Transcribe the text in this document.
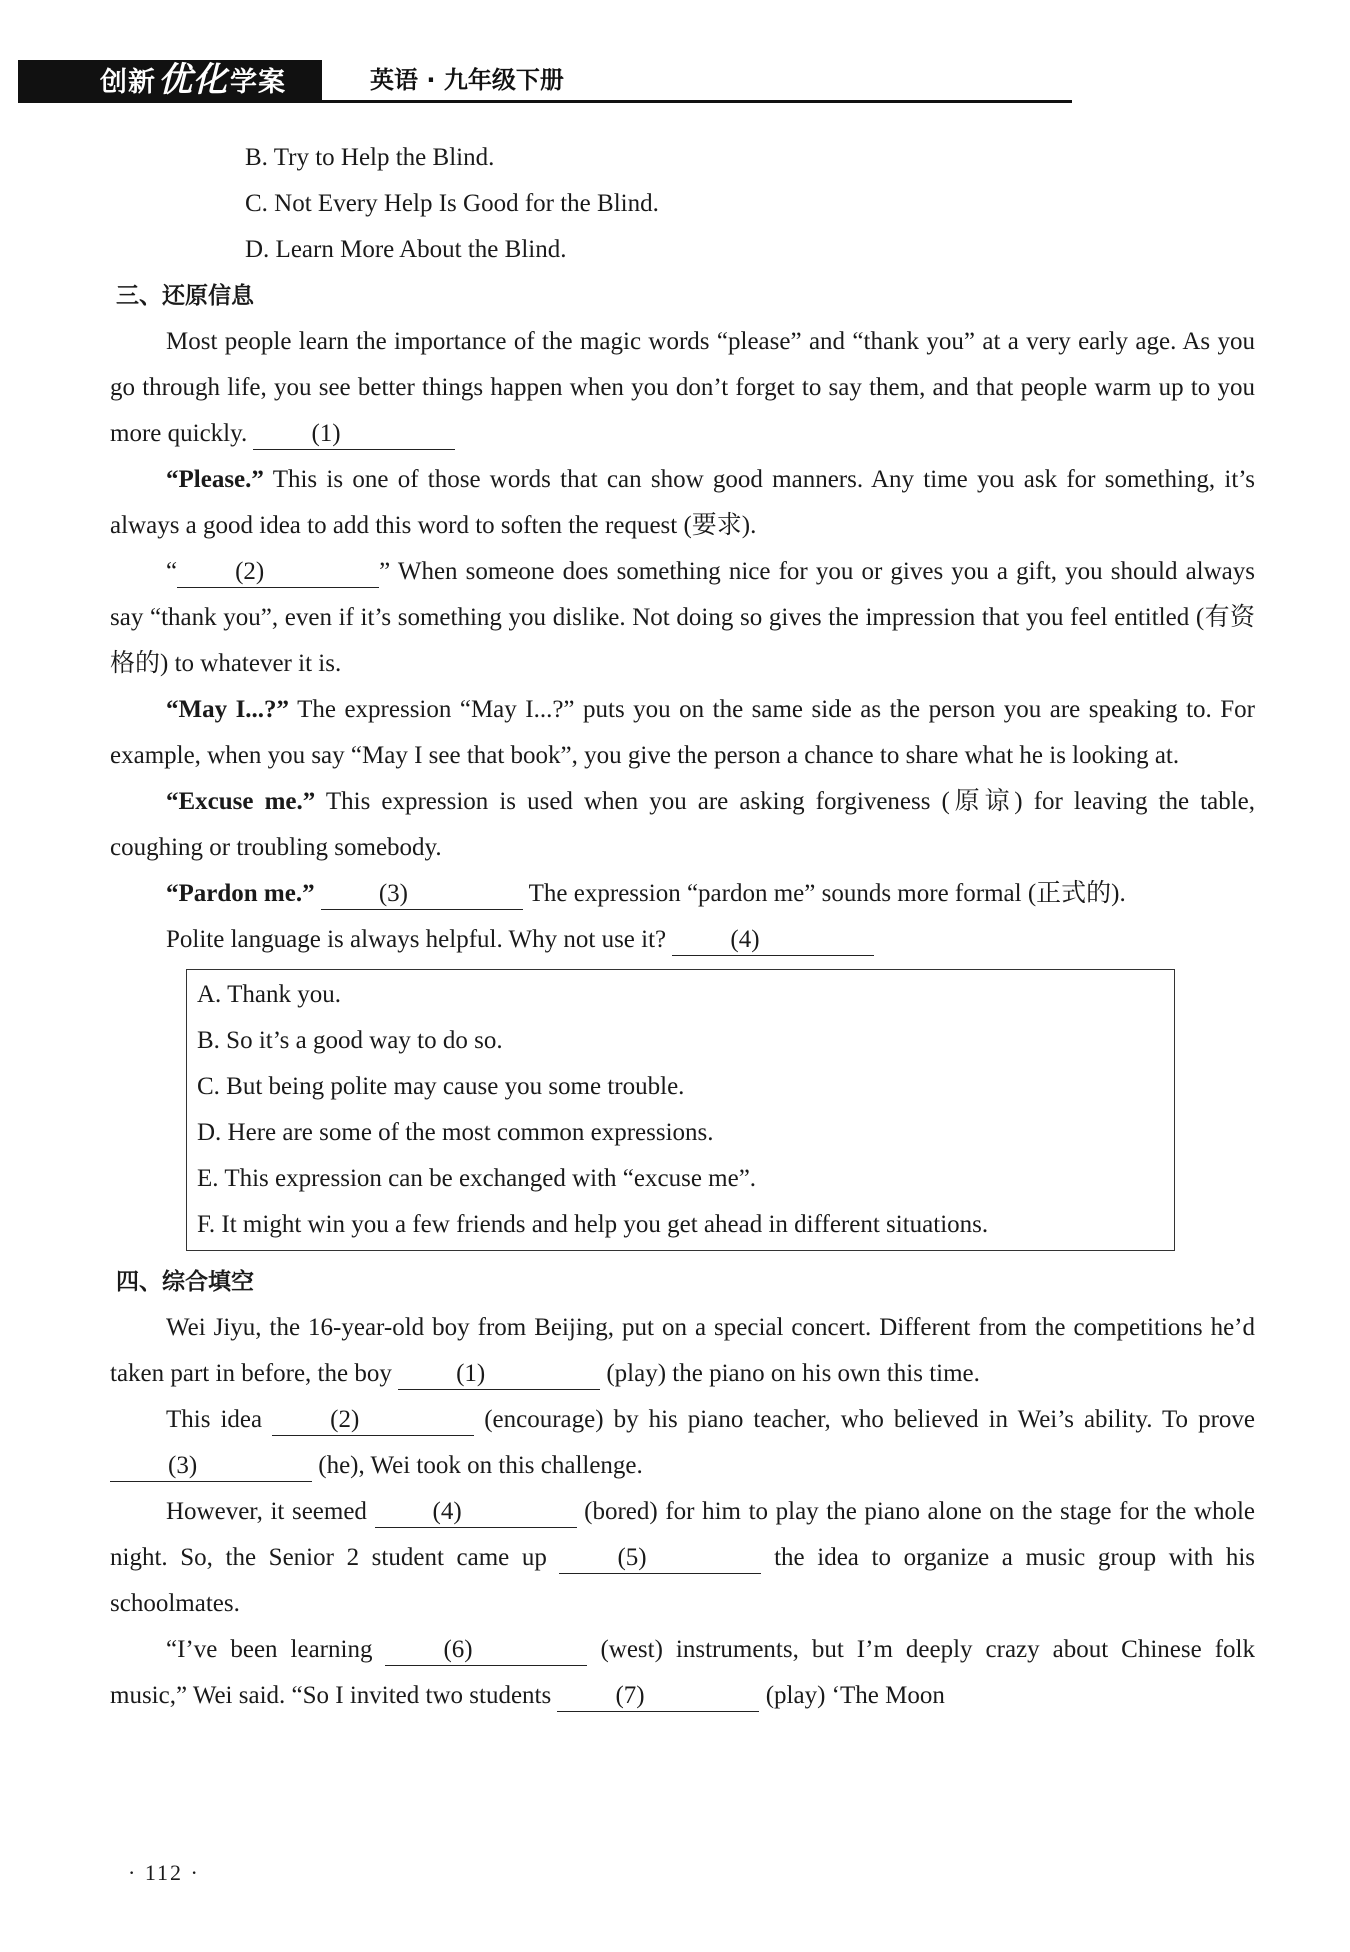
创新优化学案	英语 · 九年级下册
B. Try to Help the Blind.
C. Not Every Help Is Good for the Blind.
D. Learn More About the Blind.
三、还原信息
Most people learn the importance of the magic words “please” and “thank you” at a very early age. As you go through life, you see better things happen when you don’t forget to say them, and that people warm up to you more quickly.	(1)
“Please.” This is one of those words that can show good manners. Any time you ask for something, it’s always a good idea to add this word to soften the request (要求).
“ (2)	” When someone does something nice for you or gives you a gift, you should always say “thank you”, even if it’s something you dislike. Not doing so gives the impression that you feel entitled (有资格的) to whatever it is.
“May I...?” The expression “May I...?” puts you on the same side as the person you are speaking to. For example, when you say “May I see that book”, you give the person a chance to share what he is looking at.
“Excuse me.” This expression is used when you are asking forgiveness (原谅) for leaving the table, coughing or troubling somebody.
“Pardon me.”	(3)	The expression “pardon me” sounds more formal (正式的).
Polite language is always helpful. Why not use it?	(4)
A. Thank you.
B. So it’s a good way to do so.
C. But being polite may cause you some trouble.
D. Here are some of the most common expressions.
E. This expression can be exchanged with “excuse me”.
F. It might win you a few friends and help you get ahead in different situations.
四、综合填空
Wei Jiyu, the 16-year-old boy from Beijing, put on a special concert. Different from the competitions he’d taken part in before, the boy	(1)	(play) the piano on his own this time.
This idea	(2)	(encourage) by his piano teacher, who believed in Wei’s ability. To prove (3)	(he), Wei took on this challenge.
However, it seemed	(4)	(bored) for him to play the piano alone on the stage for the whole night. So, the Senior 2 student came up	(5)	the idea to organize a music group with his schoolmates.
“I’ve been learning	(6)	(west) instruments, but I’m deeply crazy about Chinese folk music,” Wei said. “So I invited two students	(7)	(play) ‘The Moon
· 112 ·
